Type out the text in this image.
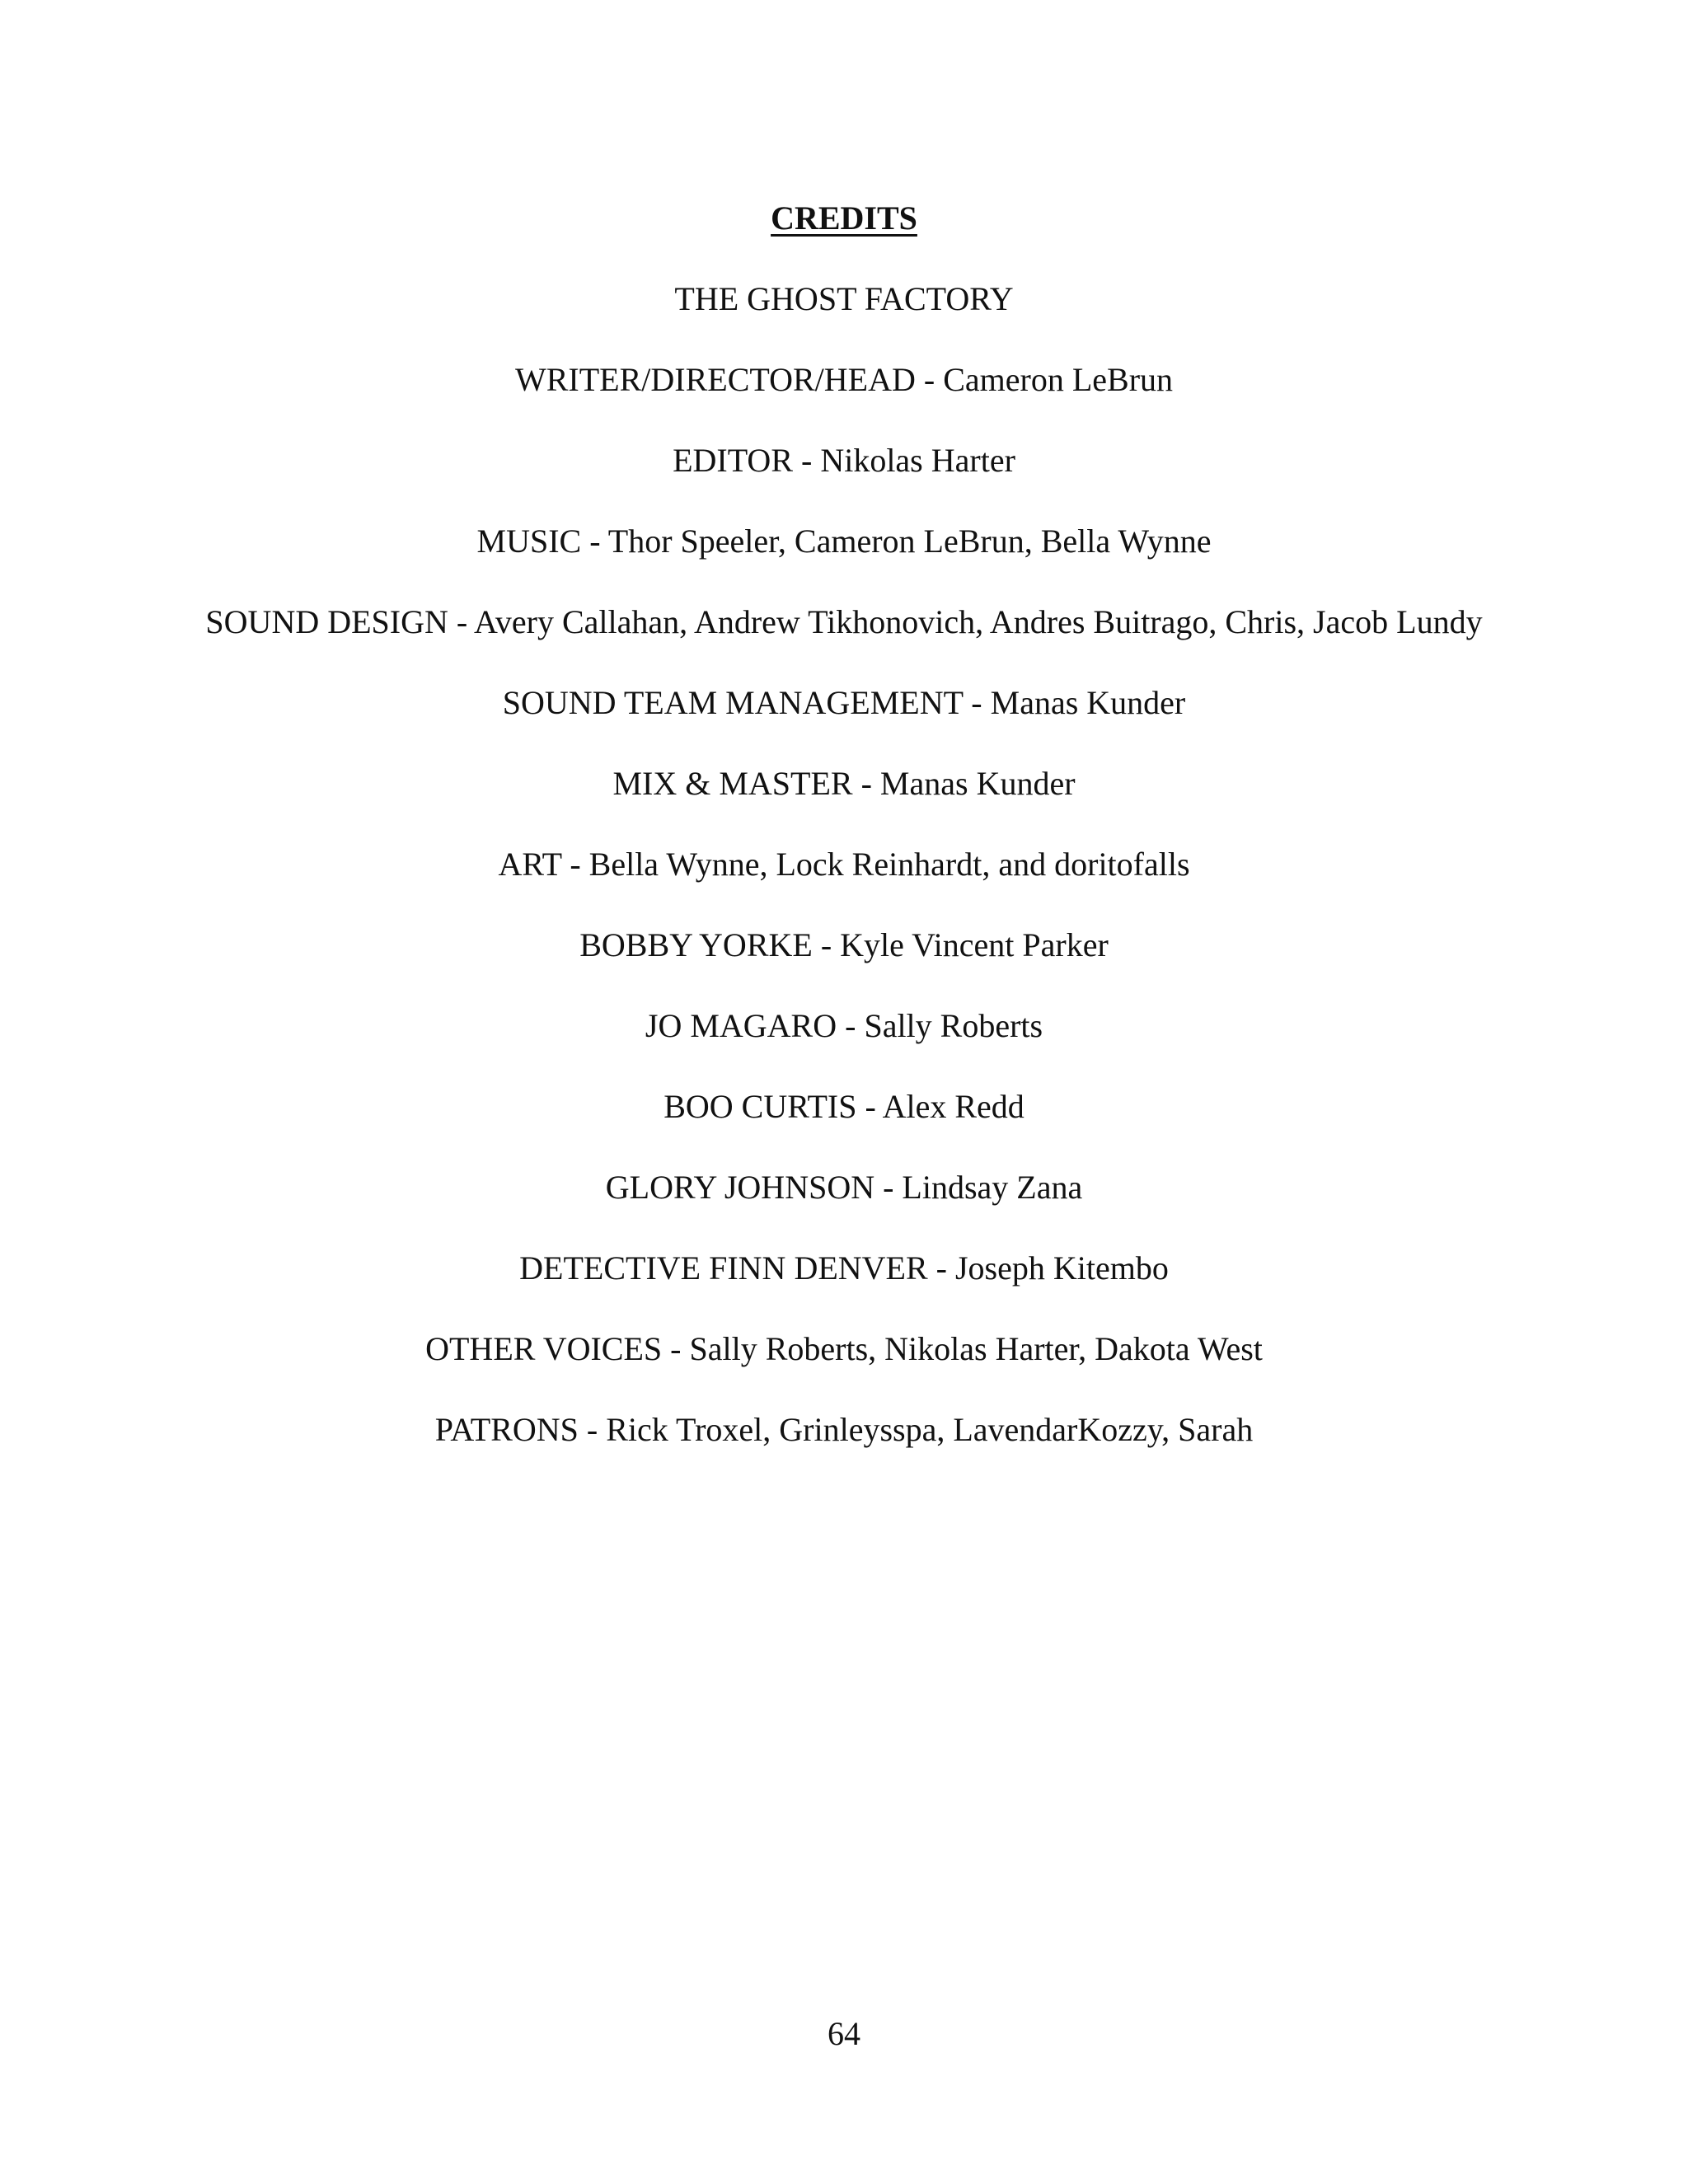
CREDITS
THE GHOST FACTORY
WRITER/DIRECTOR/HEAD - Cameron LeBrun
EDITOR - Nikolas Harter
MUSIC - Thor Speeler, Cameron LeBrun, Bella Wynne
SOUND DESIGN - Avery Callahan, Andrew Tikhonovich, Andres Buitrago, Chris, Jacob Lundy
SOUND TEAM MANAGEMENT - Manas Kunder
MIX & MASTER - Manas Kunder
ART - Bella Wynne, Lock Reinhardt, and doritofalls
BOBBY YORKE - Kyle Vincent Parker
JO MAGARO - Sally Roberts
BOO CURTIS - Alex Redd
GLORY JOHNSON - Lindsay Zana
DETECTIVE FINN DENVER - Joseph Kitembo
OTHER VOICES - Sally Roberts, Nikolas Harter, Dakota West
PATRONS - Rick Troxel, Grinleysspa, LavendarKozzy, Sarah
64
